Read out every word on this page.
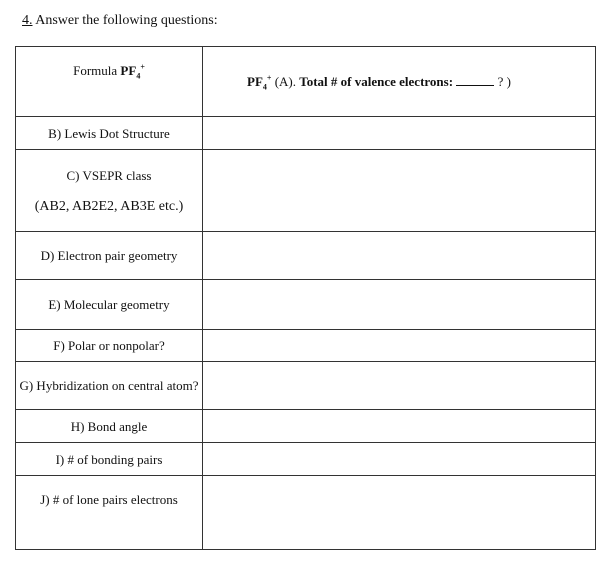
4. Answer the following questions:
Formula $PF_4^+$	$PF_4^+$ (A). Total # of valence electrons: ? )

B) Lewis Dot Structure	

C) VSEPR class
(AB2, AB2E2, AB3E etc.)	

D) Electron pair geometry	
E) Molecular geometry	
F) Polar or nonpolar?	
G) Hybridization on central atom?	
H) Bond angle	
I) # of bonding pairs	

J) # of lone pairs electrons	
